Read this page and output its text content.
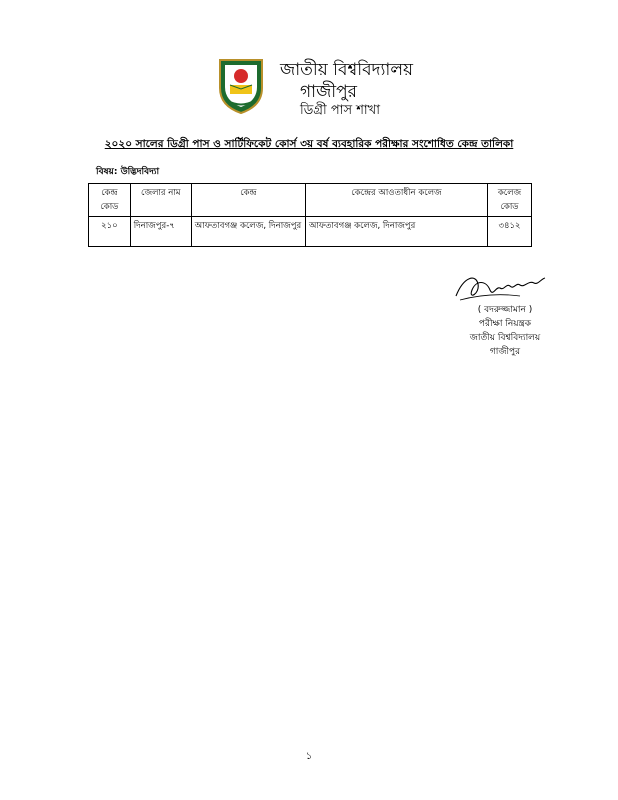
জাতীয় বিশ্ববিদ্যালয়
গাজীপুর
ডিগ্রী পাস শাখা
২০২০ সালের ডিগ্রী পাস ও সার্টিফিকেট কোর্স ৩য় বর্ষ ব্যবহারিক পরীক্ষার সংশোধিত কেন্দ্র তালিকা
বিষয়: উদ্ভিদবিদ্যা
কেন্দ্র কোড	জেলার নাম	কেন্দ্র	কেন্দ্রের আওতাধীন কলেজ	কলেজ কোড
২১০	দিনাজপুর-৭	আফতাবগঞ্জ কলেজ, দিনাজপুর	আফতাবগঞ্জ কলেজ, দিনাজপুর	৩৪১২
( বদরুজ্জামান )
পরীক্ষা নিয়ন্ত্রক
জাতীয় বিশ্ববিদ্যালয়
গাজীপুর
১
